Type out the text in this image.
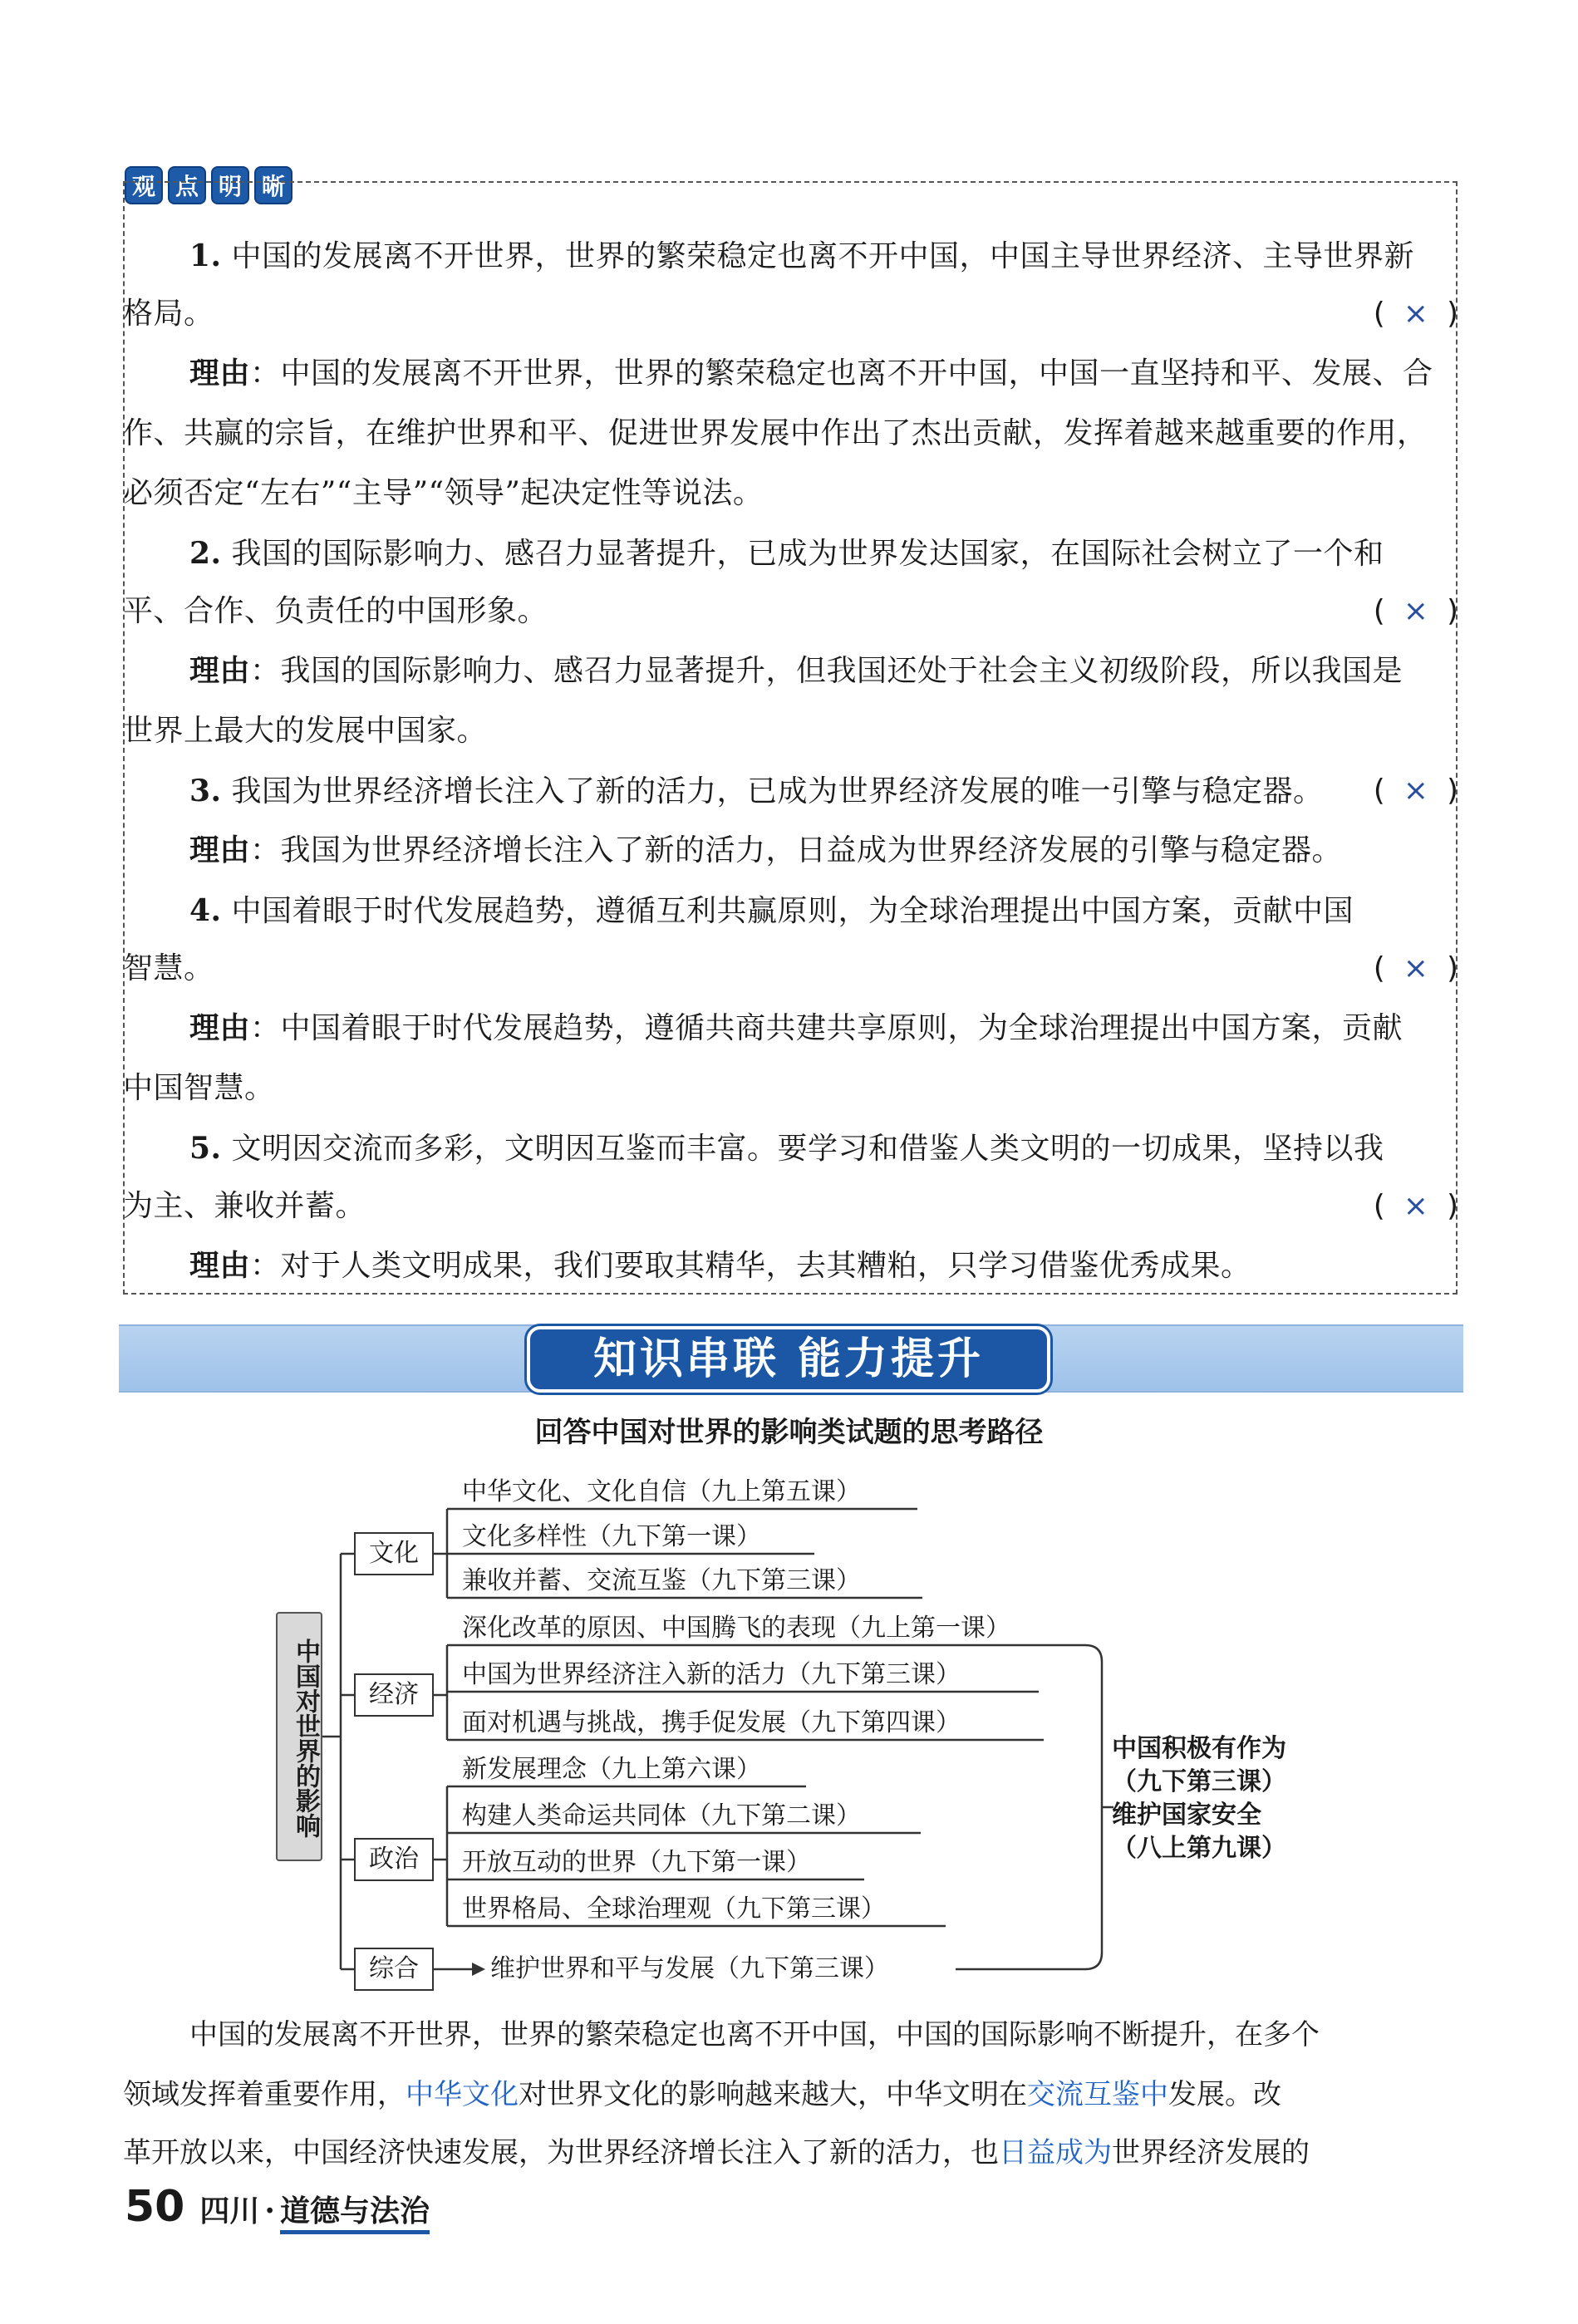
观 点 明 晰
1. 中国的发展离不开世界，世界的繁荣稳定也离不开中国，中国主导世界经济、主导世界新
格局。	( × )
理由：中国的发展离不开世界，世界的繁荣稳定也离不开中国，中国一直坚持和平、发展、合
作、共赢的宗旨，在维护世界和平、促进世界发展中作出了杰出贡献，发挥着越来越重要的作用，
必须否定“左右”“主导”“领导”起决定性等说法。
2. 我国的国际影响力、感召力显著提升，已成为世界发达国家，在国际社会树立了一个和
平、合作、负责任的中国形象。	( × )
理由：我国的国际影响力、感召力显著提升，但我国还处于社会主义初级阶段，所以我国是
世界上最大的发展中国家。
3. 我国为世界经济增长注入了新的活力，已成为世界经济发展的唯一引擎与稳定器。	( × )
理由：我国为世界经济增长注入了新的活力，日益成为世界经济发展的引擎与稳定器。
4. 中国着眼于时代发展趋势，遵循互利共赢原则，为全球治理提出中国方案，贡献中国
智慧。	( × )
理由：中国着眼于时代发展趋势，遵循共商共建共享原则，为全球治理提出中国方案，贡献
中国智慧。
5. 文明因交流而多彩，文明因互鉴而丰富。要学习和借鉴人类文明的一切成果，坚持以我
为主、兼收并蓄。	( × )
理由：对于人类文明成果，我们要取其精华，去其糟粕，只学习借鉴优秀成果。
知识串联 能力提升
回答中国对世界的影响类试题的思考路径
中国对世界的影响
文化
经济
政治
综合
中华文化、文化自信（九上第五课）
文化多样性（九下第一课）
兼收并蓄、交流互鉴（九下第三课）
深化改革的原因、中国腾飞的表现（九上第一课）
中国为世界经济注入新的活力（九下第三课）
面对机遇与挑战，携手促发展（九下第四课）
新发展理念（九上第六课）
构建人类命运共同体（九下第二课）
开放互动的世界（九下第一课）
世界格局、全球治理观（九下第三课）
维护世界和平与发展（九下第三课）
中国积极有作为
（九下第三课）
维护国家安全
（八上第九课）
中国的发展离不开世界，世界的繁荣稳定也离不开中国，中国的国际影响不断提升，在多个
领域发挥着重要作用，中华文化对世界文化的影响越来越大，中华文明在交流互鉴中发展。改
革开放以来，中国经济快速发展，为世界经济增长注入了新的活力，也日益成为世界经济发展的
50 四川 · 道德与法治
